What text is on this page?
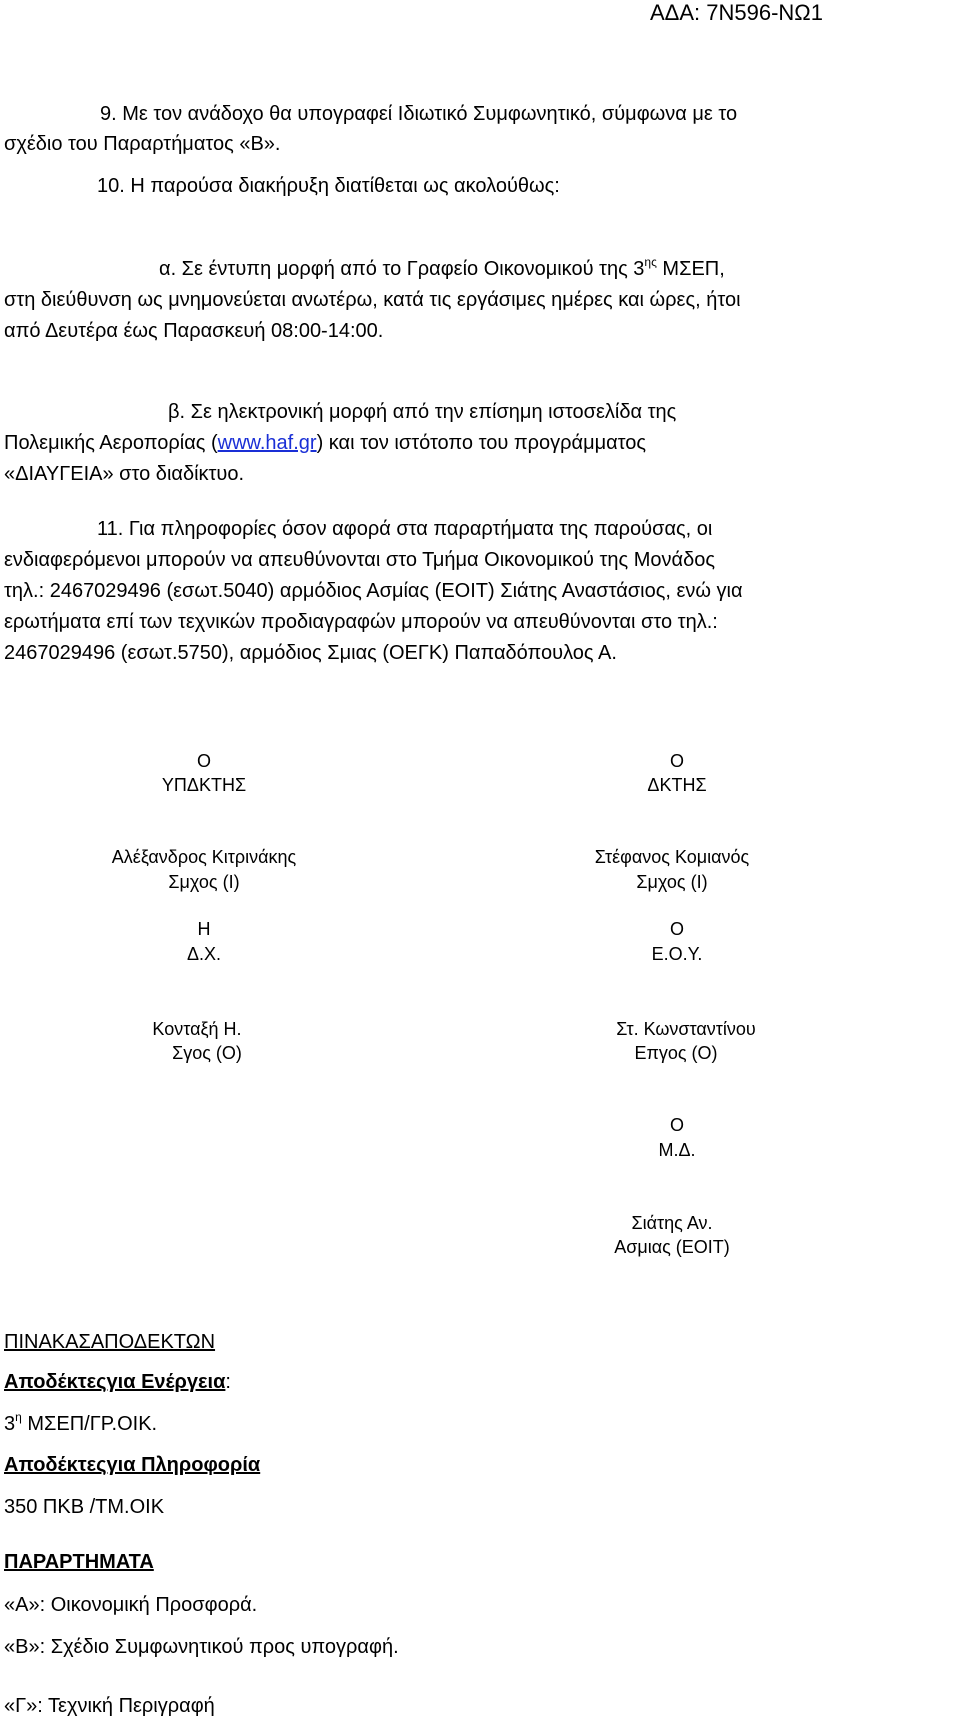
ΑΔΑ: 7Ν596-ΝΩ1
9. Με τον ανάδοχο θα υπογραφεί Ιδιωτικό Συμφωνητικό, σύμφωνα με το
σχέδιο του Παραρτήματος «Β».
10. Η παρούσα διακήρυξη διατίθεται ως ακολούθως:
α. Σε έντυπη μορφή από το Γραφείο Οικονομικού της $3^{\eta\varsigma}$ ΜΣΕΠ,
στη διεύθυνση ως μνημονεύεται ανωτέρω, κατά τις εργάσιμες ημέρες και ώρες, ήτοι
από Δευτέρα έως Παρασκευή 08:00-14:00.
β. Σε ηλεκτρονική μορφή από την επίσημη ιστοσελίδα της
Πολεμικής Αεροπορίας (www.haf.gr) και τον ιστότοπο του προγράμματος
«ΔΙΑΥΓΕΙΑ» στο διαδίκτυο.
11. Για πληροφορίες όσον αφορά στα παραρτήματα της παρούσας, οι
ενδιαφερόμενοι μπορούν να απευθύνονται στο Τμήμα Οικονομικού της Μονάδος
τηλ.: 2467029496 (εσωτ.5040) αρμόδιος Ασμίας (ΕΟΙΤ) Σιάτης Αναστάσιος, ενώ για
ερωτήματα επί των τεχνικών προδιαγραφών μπορούν να απευθύνονται στο τηλ.:
2467029496 (εσωτ.5750), αρμόδιος Σμιας (ΟΕΓΚ) Παπαδόπουλος Α.
Ο
ΥΠΔΚΤΗΣ
Αλέξανδρος Κιτρινάκης
Σμχος (Ι)
Η
Δ.Χ.
Κονταξή Η.
Σγος (Ο)
Ο
ΔΚΤΗΣ
Στέφανος Κομιανός
Σμχος (Ι)
Ο
Ε.Ο.Υ.
Στ. Κωνσταντίνου
Επγος (Ο)
Ο
Μ.Δ.
Σιάτης Αν.
Ασμιας (ΕΟΙΤ)
ΠΙΝΑΚΑΣΑΠΟΔΕΚΤΩΝ
Αποδέκτεςγια Ενέργεια:
$3^\eta$ ΜΣΕΠ/ΓΡ.ΟΙΚ.
Αποδέκτεςγια Πληροφορία
350 ΠΚΒ /ΤΜ.ΟΙΚ
ΠΑΡΑΡΤΗΜΑΤΑ
«Α»: Οικονομική Προσφορά.
«Β»: Σχέδιο Συμφωνητικού προς υπογραφή.
«Γ»: Τεχνική Περιγραφή
